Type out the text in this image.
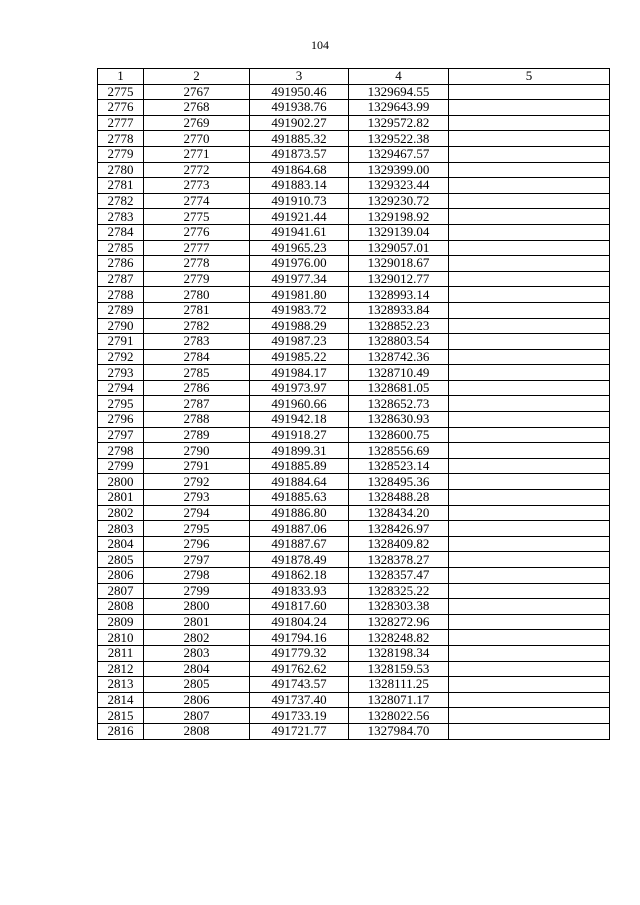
104
1	2	3	4	5
2775	2767	491950.46	1329694.55	
2776	2768	491938.76	1329643.99	
2777	2769	491902.27	1329572.82	
2778	2770	491885.32	1329522.38	
2779	2771	491873.57	1329467.57	
2780	2772	491864.68	1329399.00	
2781	2773	491883.14	1329323.44	
2782	2774	491910.73	1329230.72	
2783	2775	491921.44	1329198.92	
2784	2776	491941.61	1329139.04	
2785	2777	491965.23	1329057.01	
2786	2778	491976.00	1329018.67	
2787	2779	491977.34	1329012.77	
2788	2780	491981.80	1328993.14	
2789	2781	491983.72	1328933.84	
2790	2782	491988.29	1328852.23	
2791	2783	491987.23	1328803.54	
2792	2784	491985.22	1328742.36	
2793	2785	491984.17	1328710.49	
2794	2786	491973.97	1328681.05	
2795	2787	491960.66	1328652.73	
2796	2788	491942.18	1328630.93	
2797	2789	491918.27	1328600.75	
2798	2790	491899.31	1328556.69	
2799	2791	491885.89	1328523.14	
2800	2792	491884.64	1328495.36	
2801	2793	491885.63	1328488.28	
2802	2794	491886.80	1328434.20	
2803	2795	491887.06	1328426.97	
2804	2796	491887.67	1328409.82	
2805	2797	491878.49	1328378.27	
2806	2798	491862.18	1328357.47	
2807	2799	491833.93	1328325.22	
2808	2800	491817.60	1328303.38	
2809	2801	491804.24	1328272.96	
2810	2802	491794.16	1328248.82	
2811	2803	491779.32	1328198.34	
2812	2804	491762.62	1328159.53	
2813	2805	491743.57	1328111.25	
2814	2806	491737.40	1328071.17	
2815	2807	491733.19	1328022.56	
2816	2808	491721.77	1327984.70	
